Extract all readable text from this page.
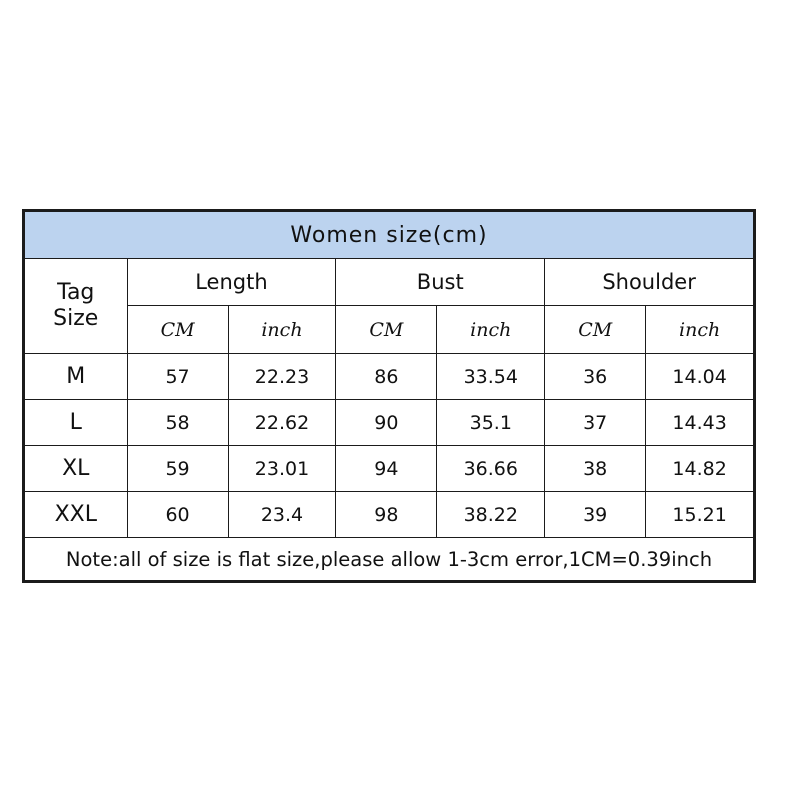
Women size(cm)						

Tag
Size	Length		Bust		Shoulder	
	CM	inch	CM	inch	CM	inch
M	57	22.23	86	33.54	36	14.04
L	58	22.62	90	35.1	37	14.43
XL	59	23.01	94	36.66	38	14.82
XXL	60	23.4	98	38.22	39	15.21
Note:all of size is flat size,please allow 1-3cm error,1CM=0.39inch						
